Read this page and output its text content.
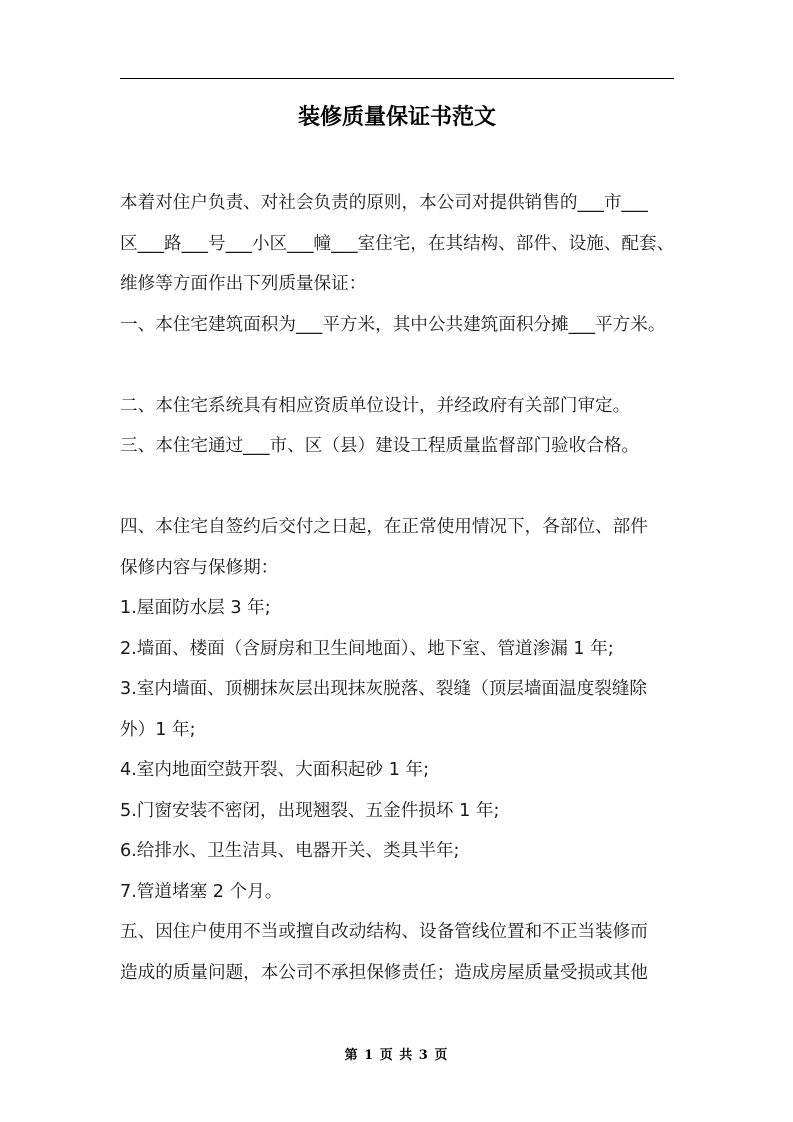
装修质量保证书范文

本着对住户负责、对社会负责的原则，本公司对提供销售的___市___

区___路___号___小区___幢___室住宅，在其结构、部件、设施、配套、

维修等方面作出下列质量保证：

一、本住宅建筑面积为___平方米，其中公共建筑面积分摊___平方米。

二、本住宅系统具有相应资质单位设计，并经政府有关部门审定。

三、本住宅通过___市、区（县）建设工程质量监督部门验收合格。

四、本住宅自签约后交付之日起，在正常使用情况下，各部位、部件

保修内容与保修期：

1.屋面防水层 3 年;

2.墙面、楼面（含厨房和卫生间地面）、地下室、管道渗漏 1 年;

3.室内墙面、顶棚抹灰层出现抹灰脱落、裂缝（顶层墙面温度裂缝除

外）1 年;

4.室内地面空鼓开裂、大面积起砂 1 年;

5.门窗安装不密闭，出现翘裂、五金件损坏 1 年;

6.给排水、卫生洁具、电器开关、类具半年;

7.管道堵塞 2 个月。

五、因住户使用不当或擅自改动结构、设备管线位置和不正当装修而

造成的质量问题，本公司不承担保修责任；造成房屋质量受损或其他

第 1 页 共 3 页
